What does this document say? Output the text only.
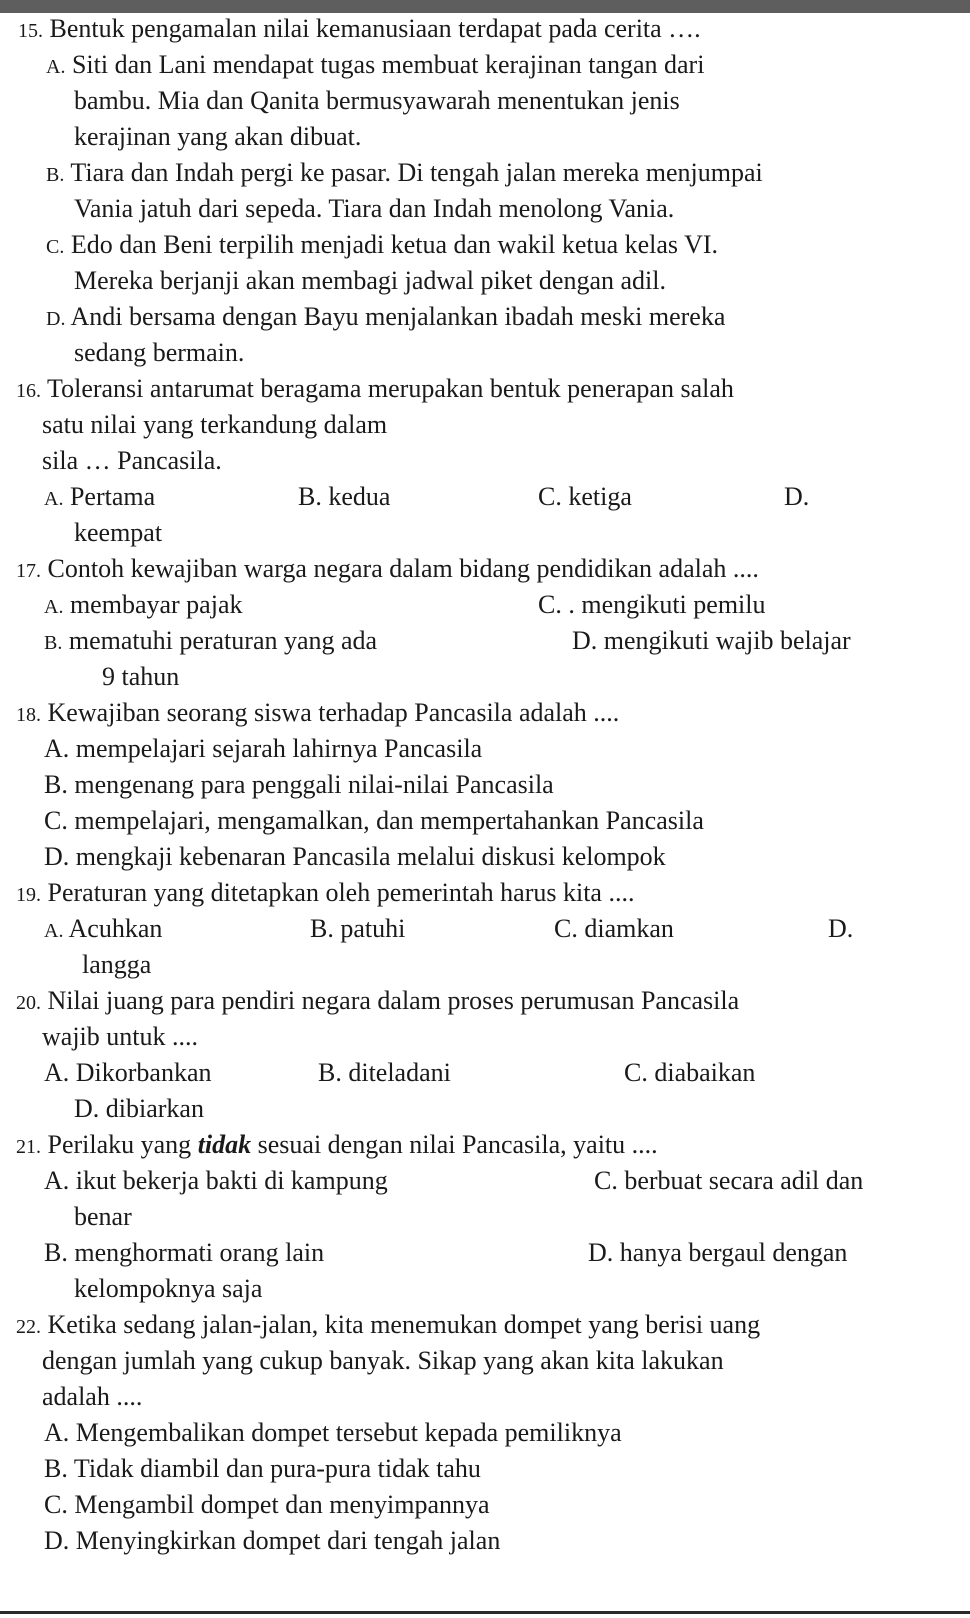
15. Bentuk pengamalan nilai kemanusiaan terdapat pada cerita ….
A. Siti dan Lani mendapat tugas membuat kerajinan tangan dari
bambu. Mia dan Qanita bermusyawarah menentukan jenis
kerajinan yang akan dibuat.
B. Tiara dan Indah pergi ke pasar. Di tengah jalan mereka menjumpai
Vania jatuh dari sepeda. Tiara dan Indah menolong Vania.
C. Edo dan Beni terpilih menjadi ketua dan wakil ketua kelas VI.
Mereka berjanji akan membagi jadwal piket dengan adil.
D. Andi bersama dengan Bayu menjalankan ibadah meski mereka
sedang bermain.
16. Toleransi antarumat beragama merupakan bentuk penerapan salah
satu nilai yang terkandung dalam
sila … Pancasila.
A. Pertama	B. kedua	C. ketiga	D.
keempat
17. Contoh kewajiban warga negara dalam bidang pendidikan adalah ....
A. membayar pajak	C. . mengikuti pemilu
B. mematuhi peraturan yang ada	D. mengikuti wajib belajar
9 tahun
18. Kewajiban seorang siswa terhadap Pancasila adalah ....
A. mempelajari sejarah lahirnya Pancasila
B. mengenang para penggali nilai-nilai Pancasila
C. mempelajari, mengamalkan, dan mempertahankan Pancasila
D. mengkaji kebenaran Pancasila melalui diskusi kelompok
19. Peraturan yang ditetapkan oleh pemerintah harus kita ....
A. Acuhkan	B. patuhi	C. diamkan	D.
langga
20. Nilai juang para pendiri negara dalam proses perumusan Pancasila
wajib untuk ....
A. Dikorbankan	B. diteladani	C. diabaikan
D. dibiarkan
21. Perilaku yang tidak sesuai dengan nilai Pancasila, yaitu ....
A. ikut bekerja bakti di kampung	C. berbuat secara adil dan
benar
B. menghormati orang lain	D. hanya bergaul dengan
kelompoknya saja
22. Ketika sedang jalan-jalan, kita menemukan dompet yang berisi uang
dengan jumlah yang cukup banyak. Sikap yang akan kita lakukan
adalah ....
A. Mengembalikan dompet tersebut kepada pemiliknya
B. Tidak diambil dan pura-pura tidak tahu
C. Mengambil dompet dan menyimpannya
D. Menyingkirkan dompet dari tengah jalan
